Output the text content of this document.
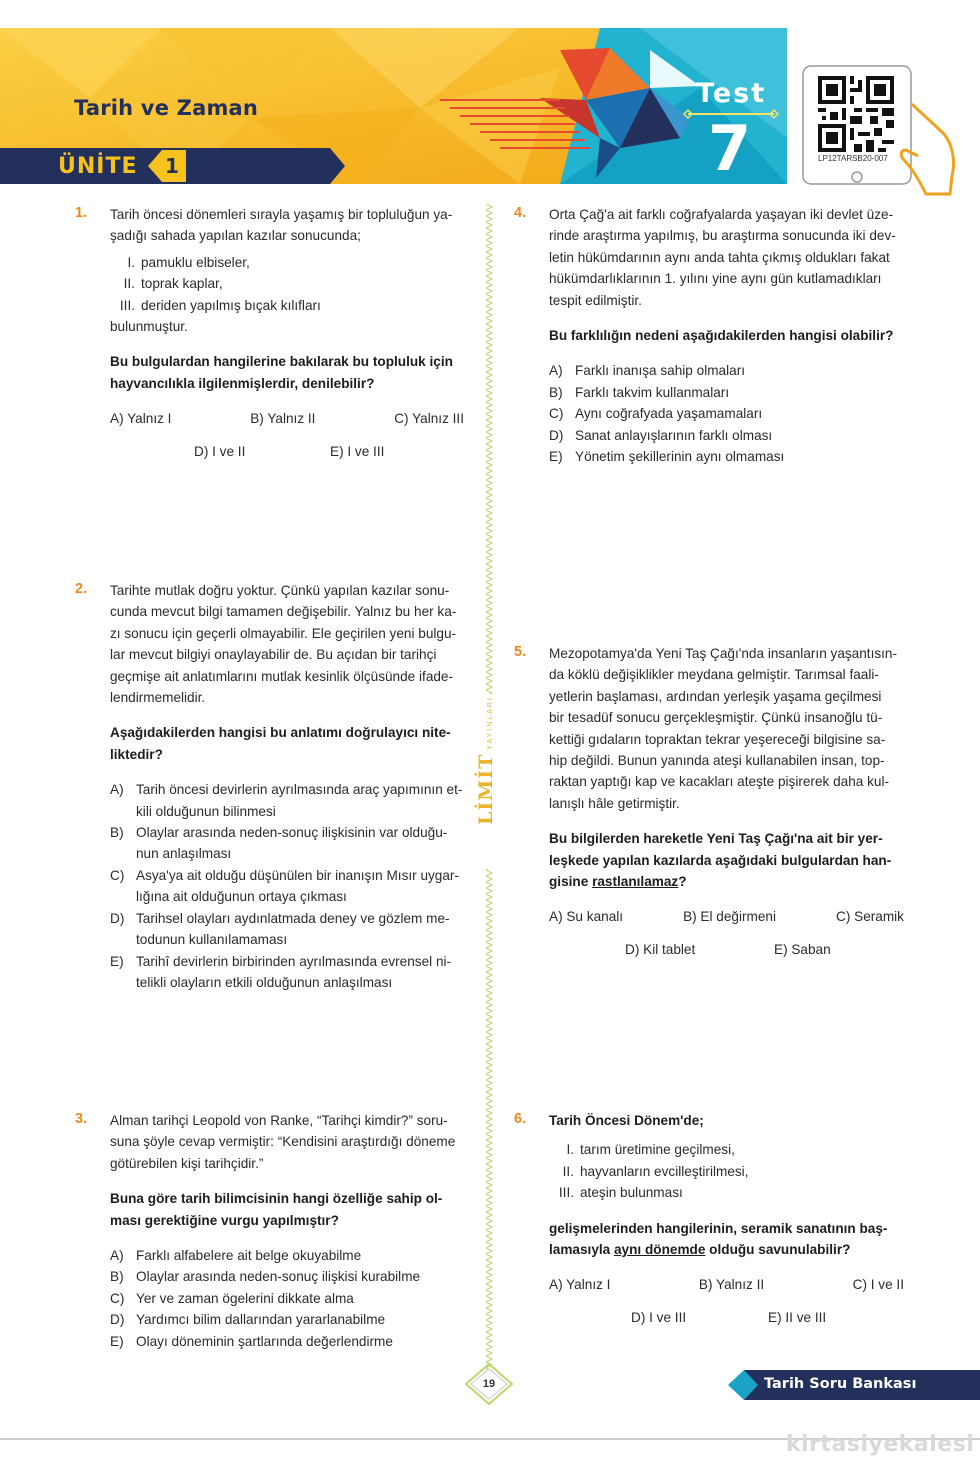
Tarih ve Zaman
ÜNİTE	1
Test
7	LP12TARSB20-007
LİMİTYAYINLARI
1. Tarih öncesi dönemleri sırayla yaşamış bir topluluğun ya-

şadığı sahada yapılan kazılar sonucunda;

I. pamuklu elbiseler,
II. toprak kaplar,
III. deriden yapılmış bıçak kılıfları

bulunmuştur.

Bu bulgulardan hangilerine bakılarak bu topluluk için

hayvancılıkla ilgilenmişlerdir, denilebilir?

A) Yalnız I	B) Yalnız II	C) Yalnız III
D) I ve II	E) I ve III
2. Tarihte mutlak doğru yoktur. Çünkü yapılan kazılar sonu-

cunda mevcut bilgi tamamen değişebilir. Yalnız bu her ka-

zı sonucu için geçerli olmayabilir. Ele geçirilen yeni bulgu-

lar mevcut bilgiyi onaylayabilir de. Bu açıdan bir tarihçi

geçmişe ait anlatımlarını mutlak kesinlik ölçüsünde ifade-

lendirmemelidir.

Aşağıdakilerden hangisi bu anlatımı doğrulayıcı nite-

liktedir?

A) Tarih öncesi devirlerin ayrılmasında araç yapımının et-
kili olduğunun bilinmesi
B) Olaylar arasında neden-sonuç ilişkisinin var olduğu-
nun anlaşılması
C) Asya'ya ait olduğu düşünülen bir inanışın Mısır uygar-
lığına ait olduğunun ortaya çıkması
D) Tarihsel olayları aydınlatmada deney ve gözlem me-
todunun kullanılamaması
E) Tarihî devirlerin birbirinden ayrılmasında evrensel ni-
telikli olayların etkili olduğunun anlaşılması
3. Alman tarihçi Leopold von Ranke, “Tarihçi kimdir?” soru-

suna şöyle cevap vermiştir: “Kendisini araştırdığı döneme

götürebilen kişi tarihçidir.”

Buna göre tarih bilimcisinin hangi özelliğe sahip ol-

ması gerektiğine vurgu yapılmıştır?

A) Farklı alfabelere ait belge okuyabilme
B) Olaylar arasında neden-sonuç ilişkisi kurabilme
C) Yer ve zaman ögelerini dikkate alma
D) Yardımcı bilim dallarından yararlanabilme
E) Olayı döneminin şartlarında değerlendirme
4. Orta Çağ'a ait farklı coğrafyalarda yaşayan iki devlet üze-

rinde araştırma yapılmış, bu araştırma sonucunda iki dev-

letin hükümdarının aynı anda tahta çıkmış oldukları fakat

hükümdarlıklarının 1. yılını yine aynı gün kutlamadıkları

tespit edilmiştir.

Bu farklılığın nedeni aşağıdakilerden hangisi olabilir?

A) Farklı inanışa sahip olmaları
B) Farklı takvim kullanmaları
C) Aynı coğrafyada yaşamamaları
D) Sanat anlayışlarının farklı olması
E) Yönetim şekillerinin aynı olmaması
5. Mezopotamya'da Yeni Taş Çağı'nda insanların yaşantısın-

da köklü değişiklikler meydana gelmiştir. Tarımsal faali-

yetlerin başlaması, ardından yerleşik yaşama geçilmesi

bir tesadüf sonucu gerçekleşmiştir. Çünkü insanoğlu tü-

kettiği gıdaların topraktan tekrar yeşereceği bilgisine sa-

hip değildi. Bunun yanında ateşi kullanabilen insan, top-

raktan yaptığı kap ve kacakları ateşte pişirerek daha kul-

lanışlı hâle getirmiştir.

Bu bilgilerden hareketle Yeni Taş Çağı'na ait bir yer-

leşkede yapılan kazılarda aşağıdaki bulgulardan han-

gisine rastlanılamaz?

A) Su kanalı	B) El değirmeni	C) Seramik
D) Kil tablet	E) Saban
6. Tarih Öncesi Dönem'de;

I. tarım üretimine geçilmesi,
II. hayvanların evcilleştirilmesi,
III. ateşin bulunması

gelişmelerinden hangilerinin, seramik sanatının baş-

lamasıyla aynı dönemde olduğu savunulabilir?

A) Yalnız I	B) Yalnız II	C) I ve II
D) I ve III	E) II ve III
19	Tarih Soru Bankası
kirtasiyekalesi
